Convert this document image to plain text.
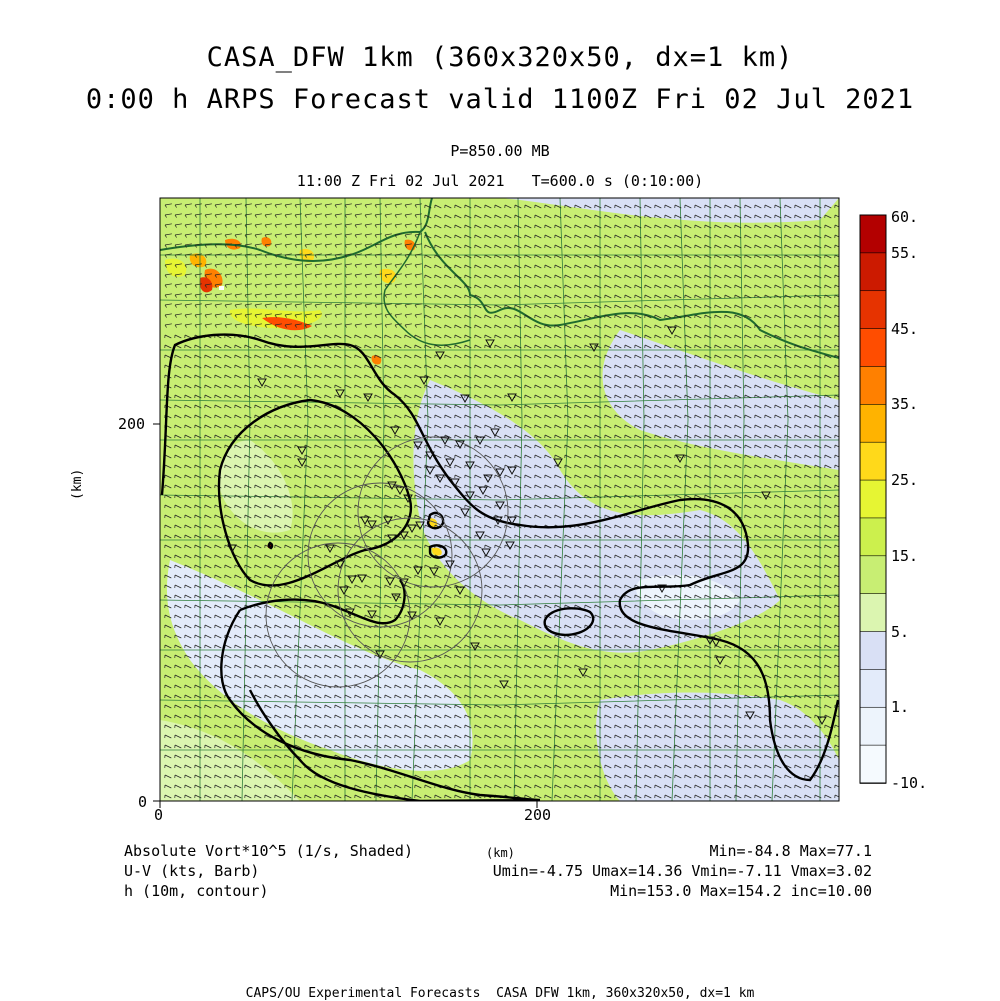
CASA_DFW 1km (360x320x50, dx=1 km)
0:00 h ARPS Forecast valid 1100Z Fri 02 Jul 2021
P=850.00 MB
11:00 Z Fri 02 Jul 2021   T=600.0 s (0:10:00)
0	200
0
200
(km)
60.
55.
45.
35.
25.
15.
5.
1.
-10.
Absolute Vort*10^5 (1/s, Shaded)
U-V (kts, Barb)
h (10m, contour)
(km)	Min=-84.8 Max=77.1
Umin=-4.75 Umax=14.36 Vmin=-7.11 Vmax=3.02
Min=153.0 Max=154.2 inc=10.00
CAPS/OU Experimental Forecasts  CASA DFW 1km, 360x320x50, dx=1 km
